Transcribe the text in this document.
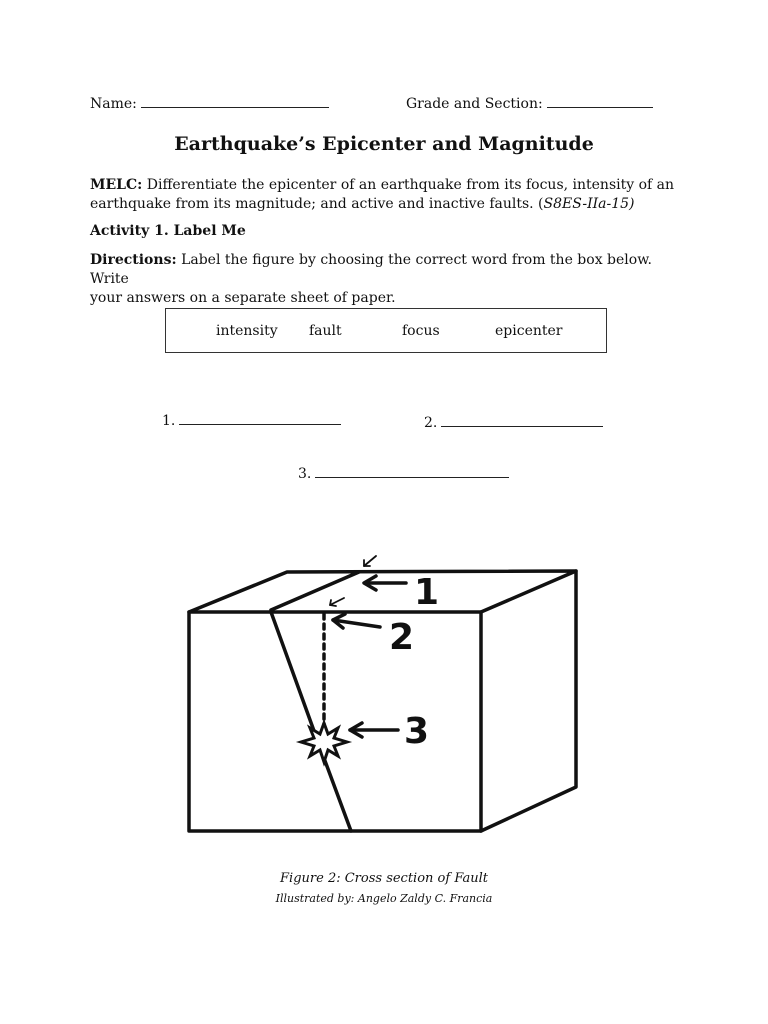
Name:	Grade and Section:
Earthquake’s Epicenter and Magnitude
MELC: Differentiate the epicenter of an earthquake from its focus, intensity of an
earthquake from its magnitude; and active and inactive faults. (S8ES-IIa-15)
Activity 1. Label Me
Directions: Label the figure by choosing the correct word from the box below. Write
your answers on a separate sheet of paper.
intensity fault	focus	epicenter
1.	2.
3.
1
2
3
Figure 2: Cross section of Fault
Illustrated by: Angelo Zaldy C. Francia
